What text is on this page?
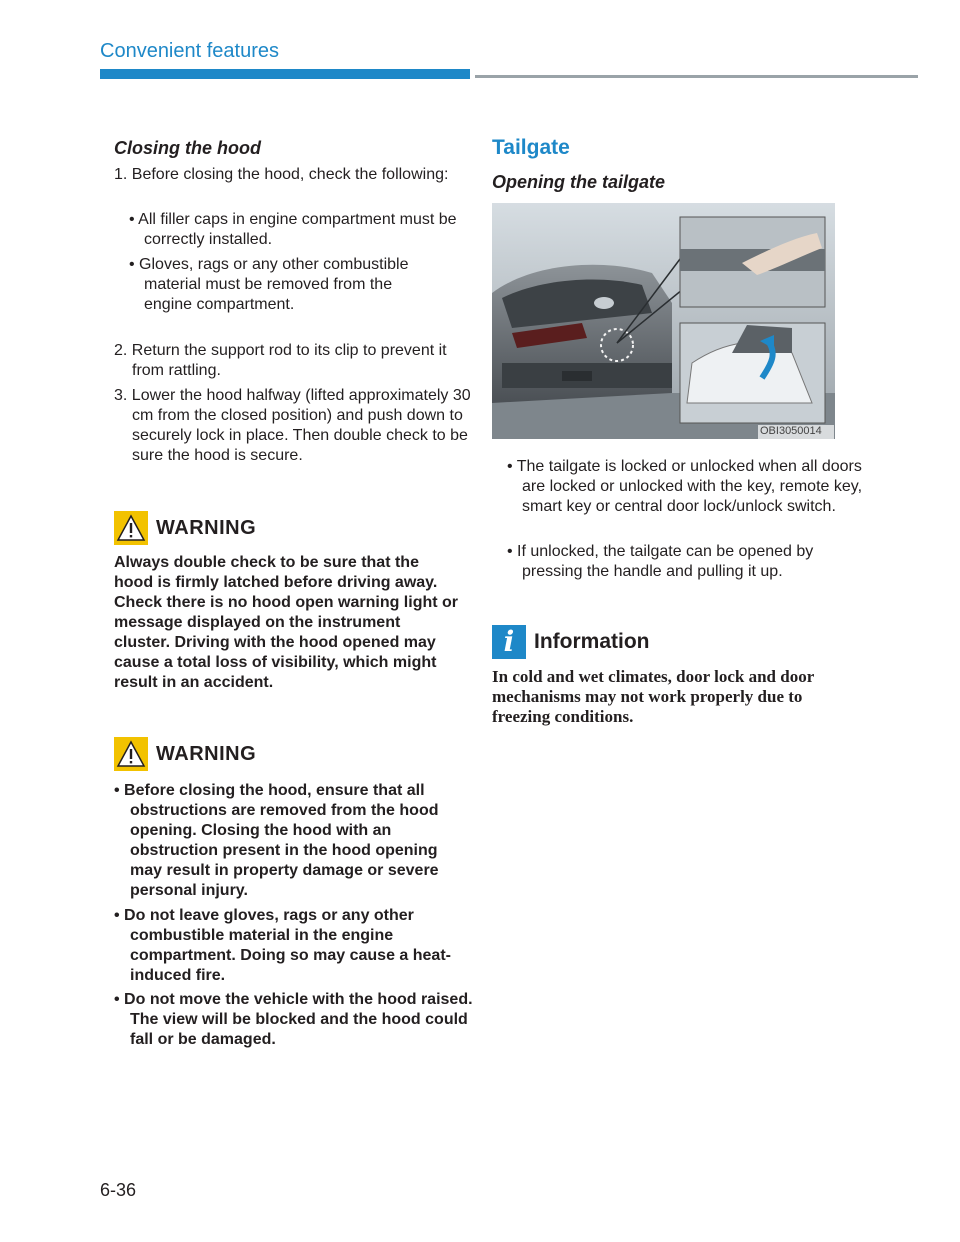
Convenient features
Closing the hood
1. Before closing the hood, check the following:
• All filler caps in engine compartment must be correctly installed.
• Gloves, rags or any other combustible material must be removed from the engine compartment.
2. Return the support rod to its clip to prevent it from rattling.
3. Lower the hood halfway (lifted approximately 30 cm from the closed position) and push down to securely lock in place. Then double check to be sure the hood is secure.
WARNING
Always double check to be sure that the hood is firmly latched before driving away. Check there is no hood open warning light or message displayed on the instrument cluster. Driving with the hood opened may cause a total loss of visibility, which might result in an accident.
WARNING
• Before closing the hood, ensure that all obstructions are removed from the hood opening. Closing the hood with an obstruction present in the hood opening may result in property damage or severe personal injury.
• Do not leave gloves, rags or any other combustible material in the engine compartment. Doing so may cause a heat-induced fire.
• Do not move the vehicle with the hood raised. The view will be blocked and the hood could fall or be damaged.
Tailgate
Opening the tailgate
OBI3050014
• The tailgate is locked or unlocked when all doors are locked or unlocked with the key, remote key, smart key or central door lock/unlock switch.
• If unlocked, the tailgate can be opened by pressing the handle and pulling it up.
i Information
In cold and wet climates, door lock and door mechanisms may not work properly due to freezing conditions.
6-36
